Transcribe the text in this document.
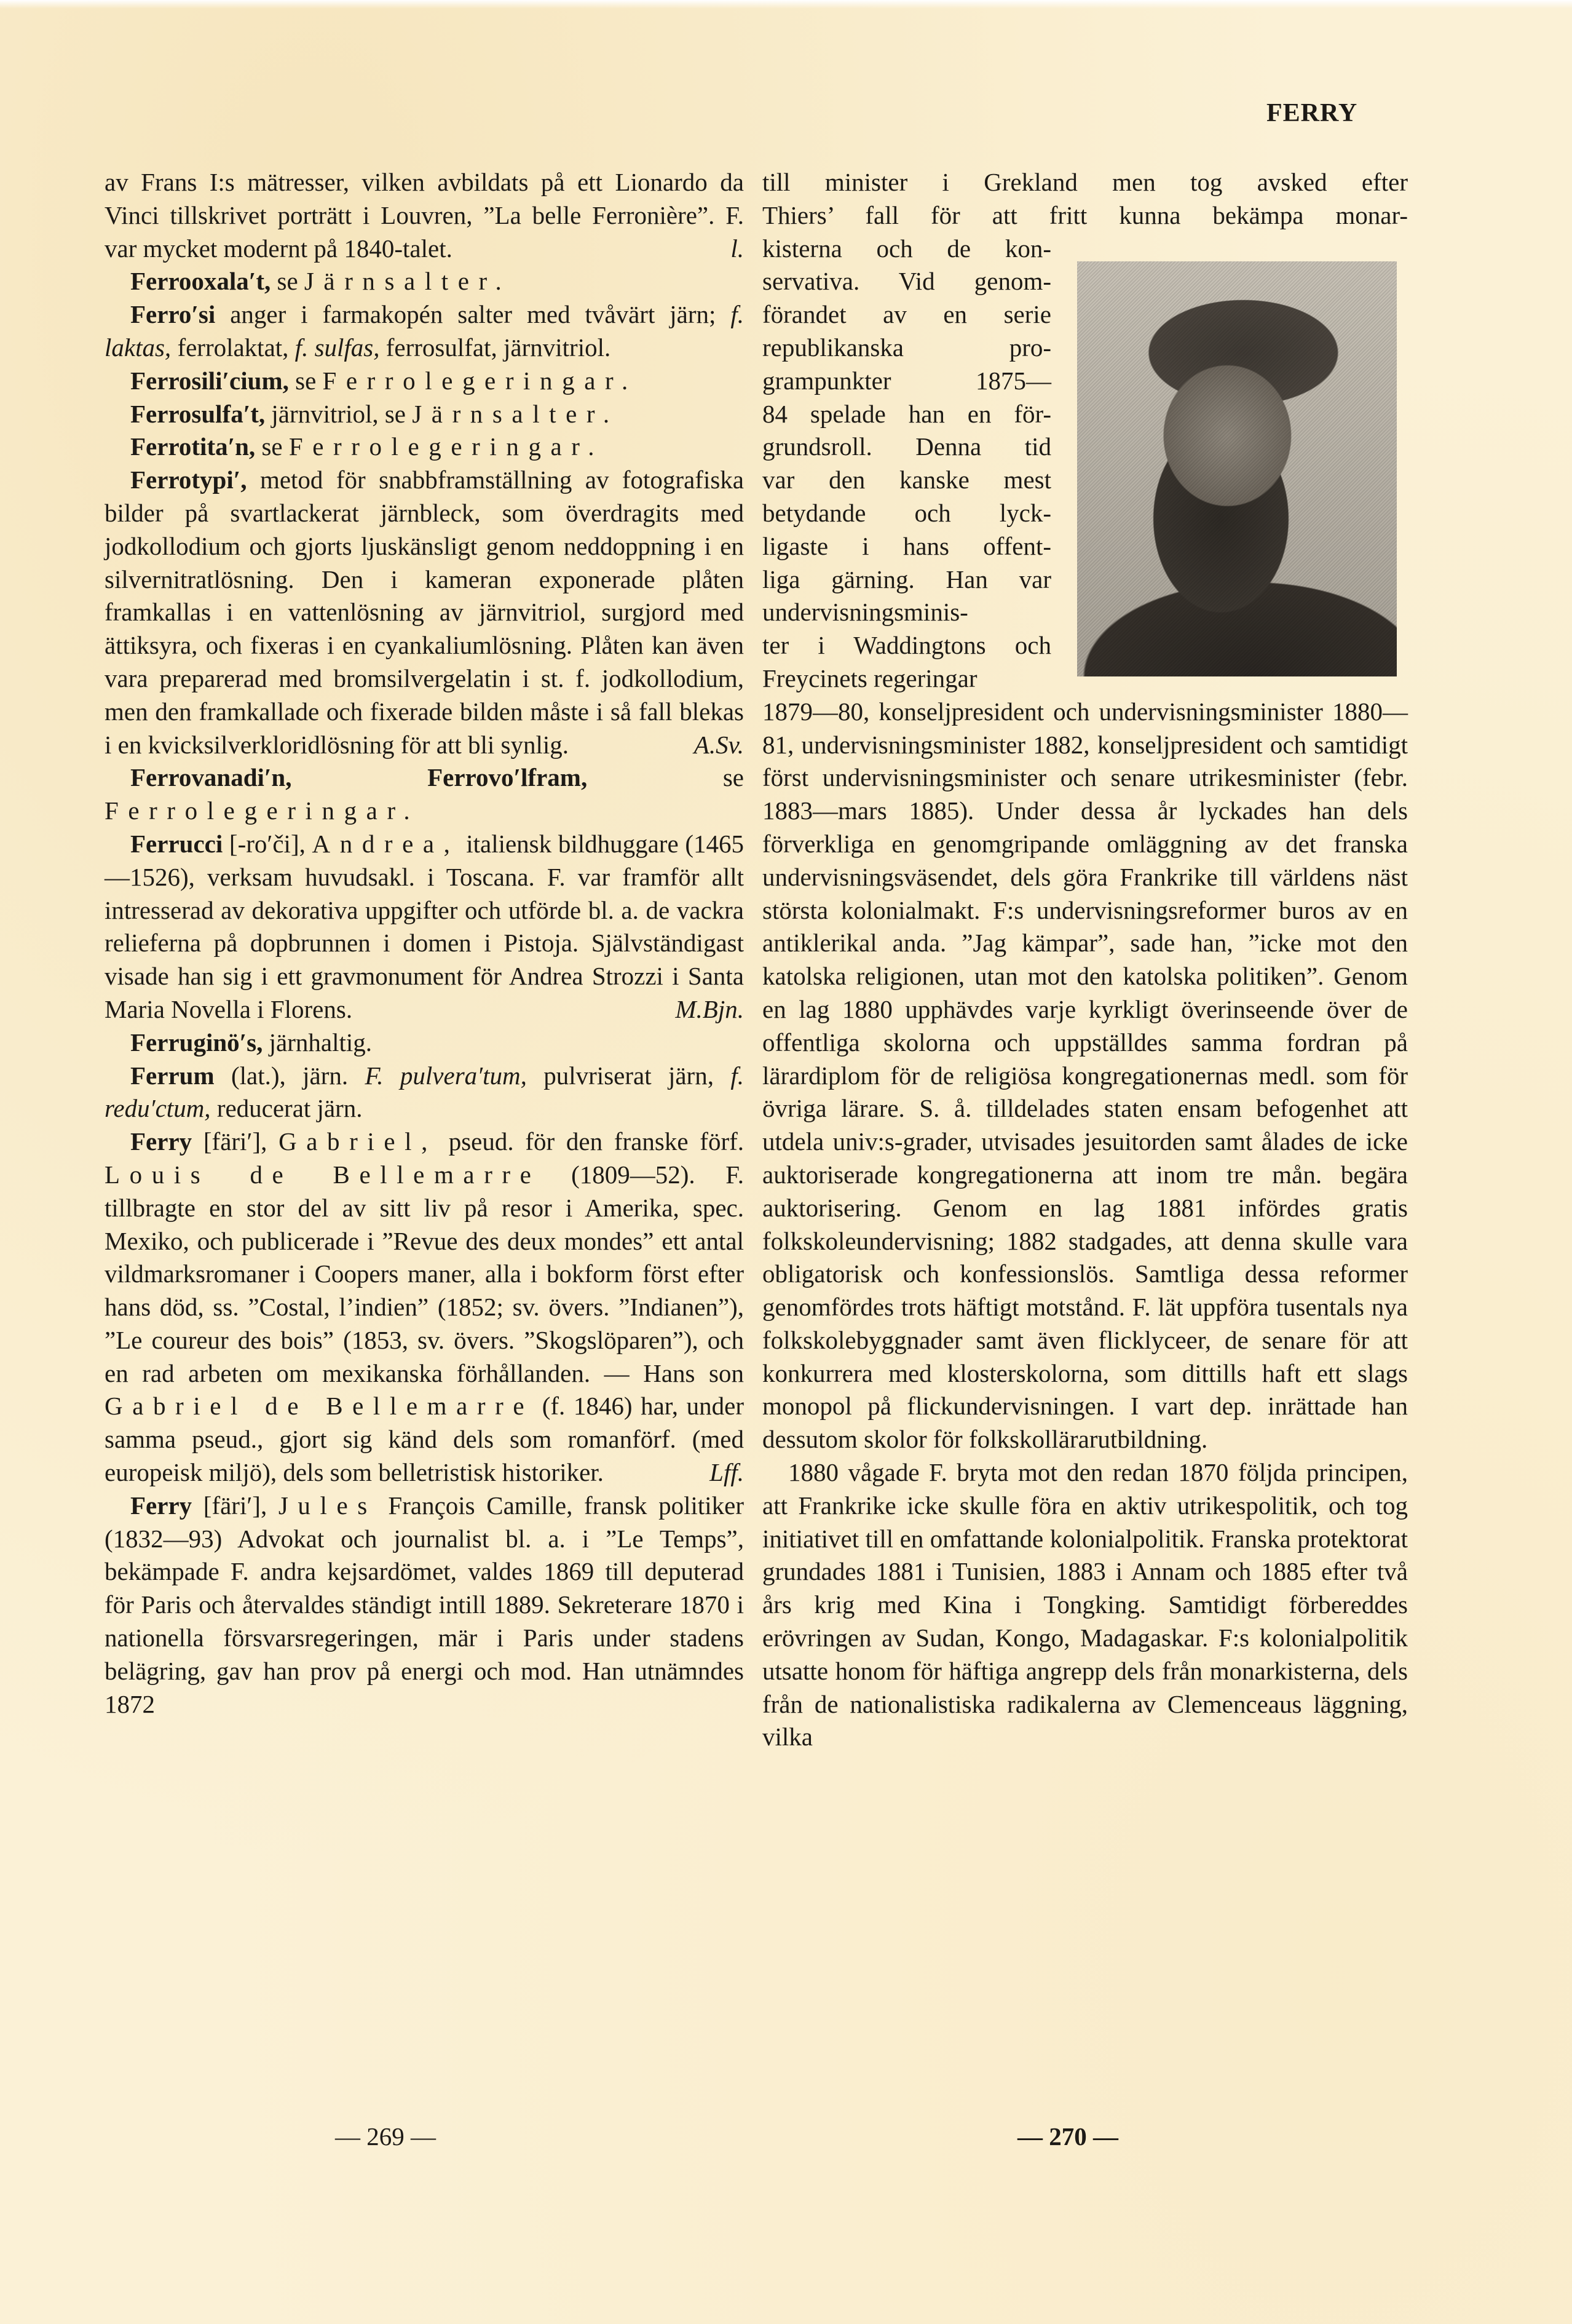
FERRY

av Frans I:s mätresser, vilken avbildats på ett Lionardo da Vinci tillskrivet porträtt i Louvren, ”La belle Ferronière”. F. var mycket modernt på 1840-talet.	l.

Ferrooxala′t, se Järnsalter.

Ferro′si anger i farmakopén salter med tvåvärt järn; f. laktas, ferrolaktat, f. sulfas, ferrosulfat, järnvitriol.

Ferrosili′cium, se Ferrolegeringar.

Ferrosulfa′t, järnvitriol, se Järnsalter.

Ferrotita′n, se Ferrolegeringar.

Ferrotypi′, metod för snabbframställning av fotografiska bilder på svartlackerat järnbleck, som överdragits med jodkollodium och gjorts ljuskänsligt genom neddoppning i en silvernitratlösning. Den i kameran exponerade plåten framkallas i en vattenlösning av järnvitriol, surgjord med ättiksyra, och fixeras i en cyankaliumlösning. Plåten kan även vara preparerad med bromsilvergelatin i st. f. jodkollodium, men den framkallade och fixerade bilden måste i så fall blekas i en kvicksilverkloridlösning för att bli synlig.	A.Sv.

Ferrovanadi′n, Ferrovo′lfram, se Ferrolegeringar.

Ferrucci [-ro′či], Andrea, italiensk bildhuggare (1465—1526), verksam huvudsakl. i Toscana. F. var framför allt intresserad av dekorativa uppgifter och utförde bl. a. de vackra relieferna på dopbrunnen i domen i Pistoja. Självständigast visade han sig i ett gravmonument för Andrea Strozzi i Santa Maria Novella i Florens.	M.Bjn.

Ferruginö′s, järnhaltig.

Ferrum (lat.), järn. F. pulvera′tum, pulvriserat järn, f. redu′ctum, reducerat järn.

Ferry [färi′], Gabriel, pseud. för den franske förf. Louis de Bellemarre (1809—52). F. tillbragte en stor del av sitt liv på resor i Amerika, spec. Mexiko, och publicerade i ”Revue des deux mondes” ett antal vildmarksromaner i Coopers maner, alla i bokform först efter hans död, ss. ”Costal, l’indien” (1852; sv. övers. ”Indianen”), ”Le coureur des bois” (1853, sv. övers. ”Skogslöparen”), och en rad arbeten om mexikanska förhållanden. — Hans son Gabriel de Bellemarre (f. 1846) har, under samma pseud., gjort sig känd dels som romanförf. (med europeisk miljö), dels som belletristisk historiker.	Lff.

Ferry [färi′], Jules François Camille, fransk politiker (1832—93) Advokat och journalist bl. a. i ”Le Temps”, bekämpade F. andra kejsardömet, valdes 1869 till deputerad för Paris och återvaldes ständigt intill 1889. Sekreterare 1870 i nationella försvarsregeringen, mär i Paris under stadens belägring, gav han prov på energi och mod. Han utnämndes 1872

— 269 —
till minister i Grekland men tog avsked efter
Thiers’ fall för att fritt kunna bekämpa monar-
kisterna och de kon-
servativa. Vid genom-
förandet av en serie
republikanska pro-
grampunkter 1875—
84 spelade han en för-
grundsroll. Denna tid
var den kanske mest
betydande och lyck-
ligaste i hans offent-
liga gärning. Han var
undervisningsminis-
ter i Waddingtons och
Freycinets regeringar

1879—80, konseljpresident och undervisningsminister 1880—81, undervisningsminister 1882, konseljpresident och samtidigt först undervisningsminister och senare utrikesminister (febr. 1883—mars 1885). Under dessa år lyckades han dels förverkliga en genomgripande omläggning av det franska undervisningsväsendet, dels göra Frankrike till världens näst största kolonialmakt. F:s undervisningsreformer buros av en antiklerikal anda. ”Jag kämpar”, sade han, ”icke mot den katolska religionen, utan mot den katolska politiken”. Genom en lag 1880 upphävdes varje kyrkligt överinseende över de offentliga skolorna och uppställdes samma fordran på lärardiplom för de religiösa kongregationernas medl. som för övriga lärare. S. å. tilldelades staten ensam befogenhet att utdela univ:s-grader, utvisades jesuitorden samt ålades de icke auktoriserade kongregationerna att inom tre mån. begära auktorisering. Genom en lag 1881 infördes gratis folkskoleundervisning; 1882 stadgades, att denna skulle vara obligatorisk och konfessionslös. Samtliga dessa reformer genomfördes trots häftigt motstånd. F. lät uppföra tusentals nya folkskolebyggnader samt även flicklyceer, de senare för att konkurrera med klosterskolorna, som dittills haft ett slags monopol på flickundervisningen. I vart dep. inrättade han dessutom skolor för folkskollärarutbildning.

1880 vågade F. bryta mot den redan 1870 följda principen, att Frankrike icke skulle föra en aktiv utrikespolitik, och tog initiativet till en omfattande kolonialpolitik. Franska protektorat grundades 1881 i Tunisien, 1883 i Annam och 1885 efter två års krig med Kina i Tongking. Samtidigt förbereddes erövringen av Sudan, Kongo, Madagaskar. F:s kolonialpolitik utsatte honom för häftiga angrepp dels från monarkisterna, dels från de nationalistiska radikalerna av Clemenceaus läggning, vilka

— 270 —
